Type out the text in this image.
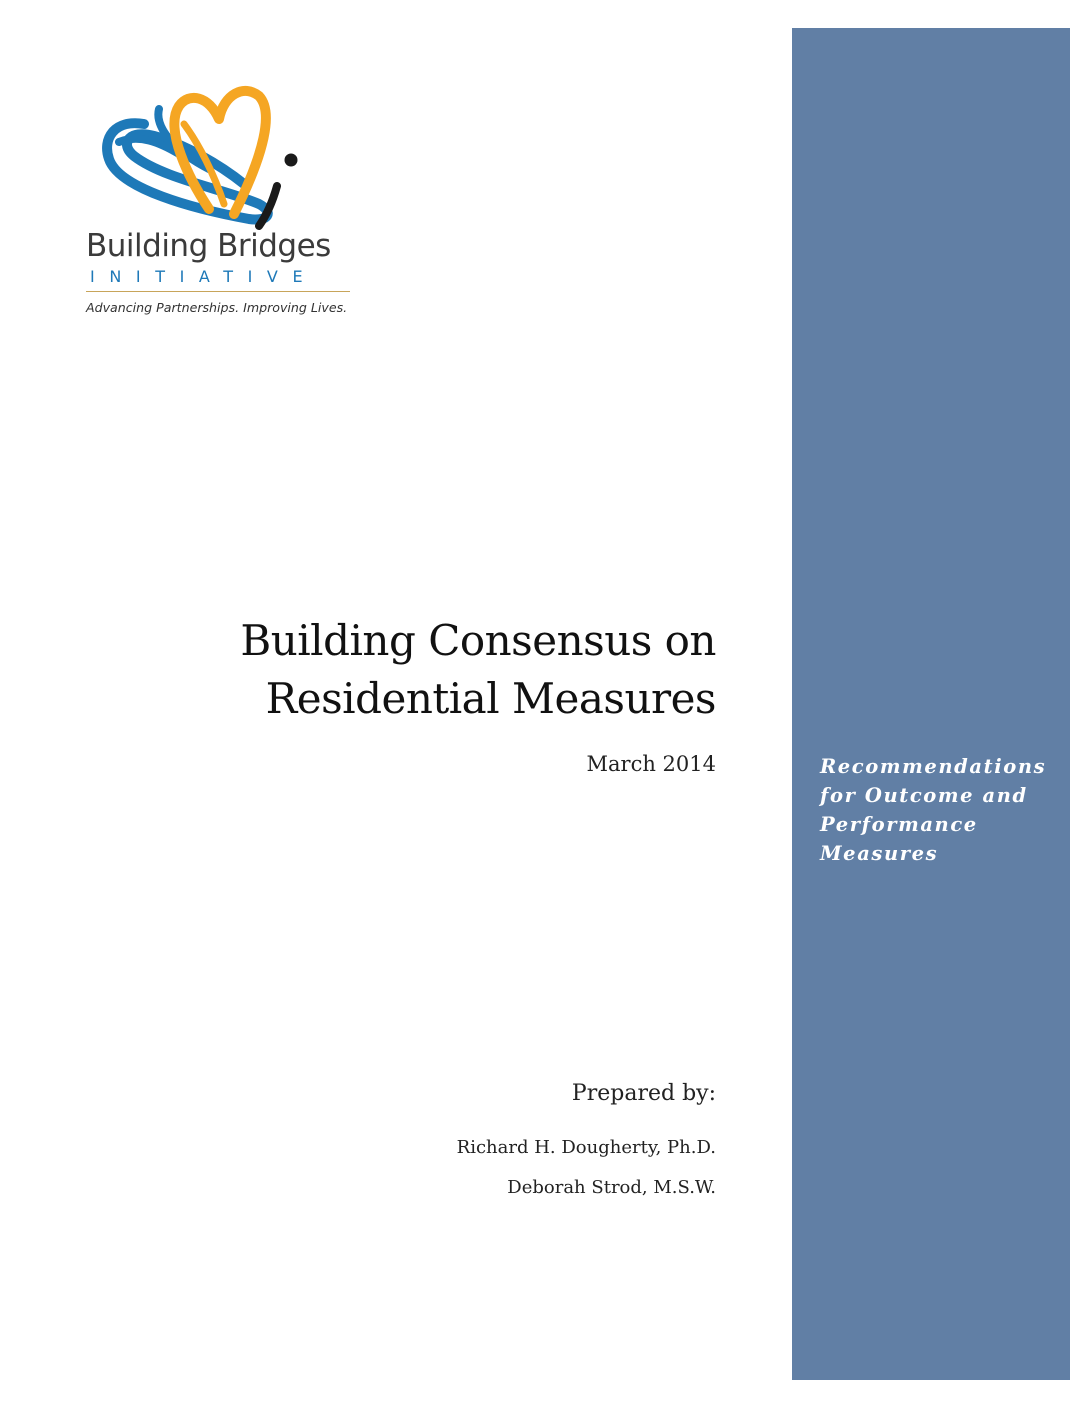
Building Bridges
INITIATIVE
Advancing Partnerships. Improving Lives.
Building Consensus on
Residential Measures
March 2014
Prepared by:
Richard H. Dougherty, Ph.D.
Deborah Strod, M.S.W.
Recommendations
for Outcome and
Performance
Measures
